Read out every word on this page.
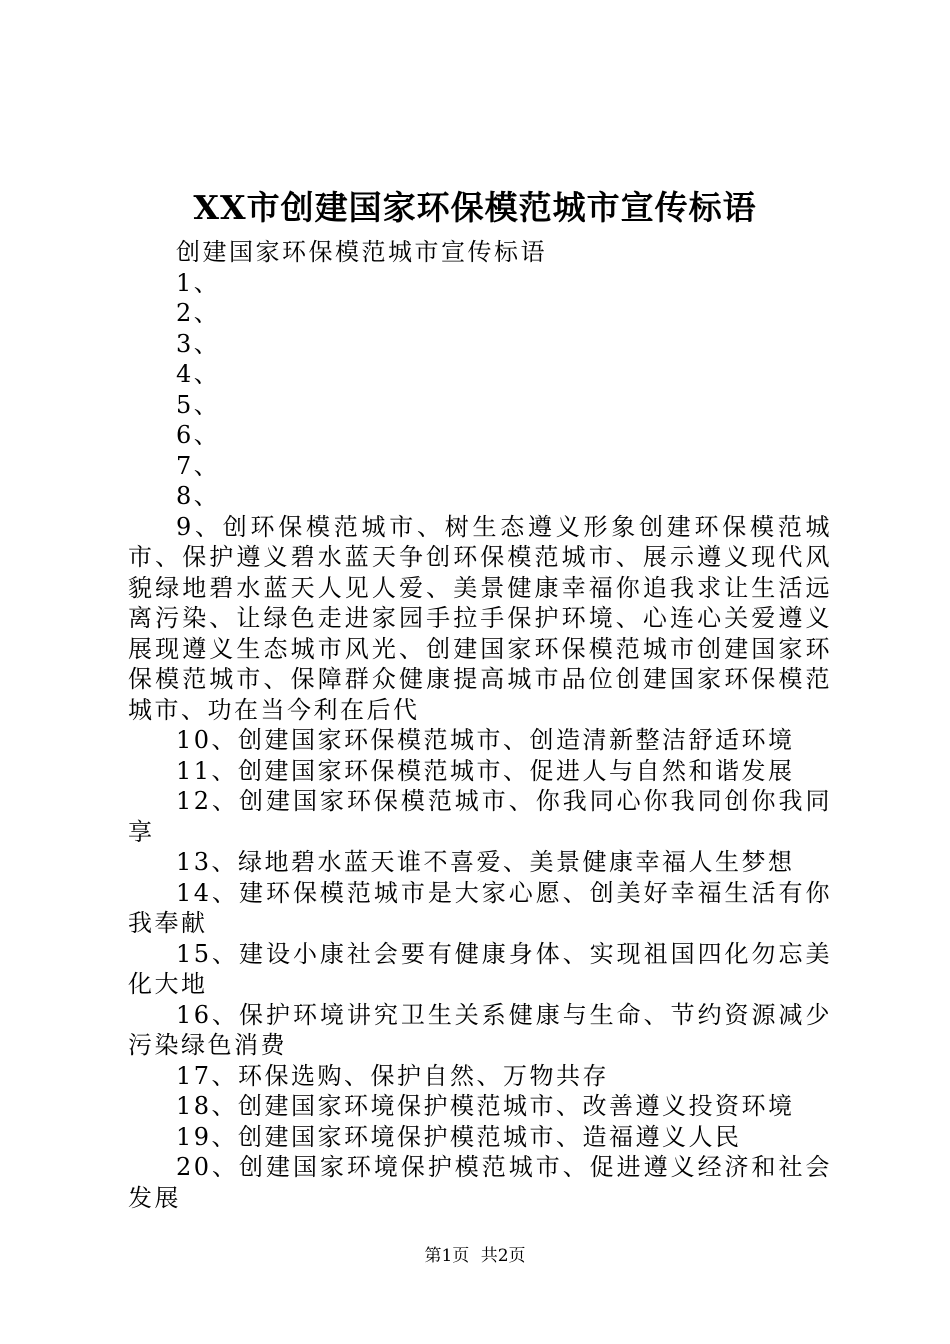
XX市创建国家环保模范城市宣传标语

创建国家环保模范城市宣传标语

1、

2、

3、

4、

5、

6、

7、

8、

9、创环保模范城市、树生态遵义形象创建环保模范城市、保护遵义碧水蓝天争创环保模范城市、展示遵义现代风貌绿地碧水蓝天人见人爱、美景健康幸福你追我求让生活远离污染、让绿色走进家园手拉手保护环境、心连心关爱遵义展现遵义生态城市风光、创建国家环保模范城市创建国家环保模范城市、保障群众健康提高城市品位创建国家环保模范城市、功在当今利在后代

10、创建国家环保模范城市、创造清新整洁舒适环境

11、创建国家环保模范城市、促进人与自然和谐发展

12、创建国家环保模范城市、你我同心你我同创你我同享

13、绿地碧水蓝天谁不喜爱、美景健康幸福人生梦想

14、建环保模范城市是大家心愿、创美好幸福生活有你我奉献

15、建设小康社会要有健康身体、实现祖国四化勿忘美化大地

16、保护环境讲究卫生关系健康与生命、节约资源减少污染绿色消费

17、环保选购、保护自然、万物共存

18、创建国家环境保护模范城市、改善遵义投资环境

19、创建国家环境保护模范城市、造福遵义人民

20、创建国家环境保护模范城市、促进遵义经济和社会发展

第1页 共2页
